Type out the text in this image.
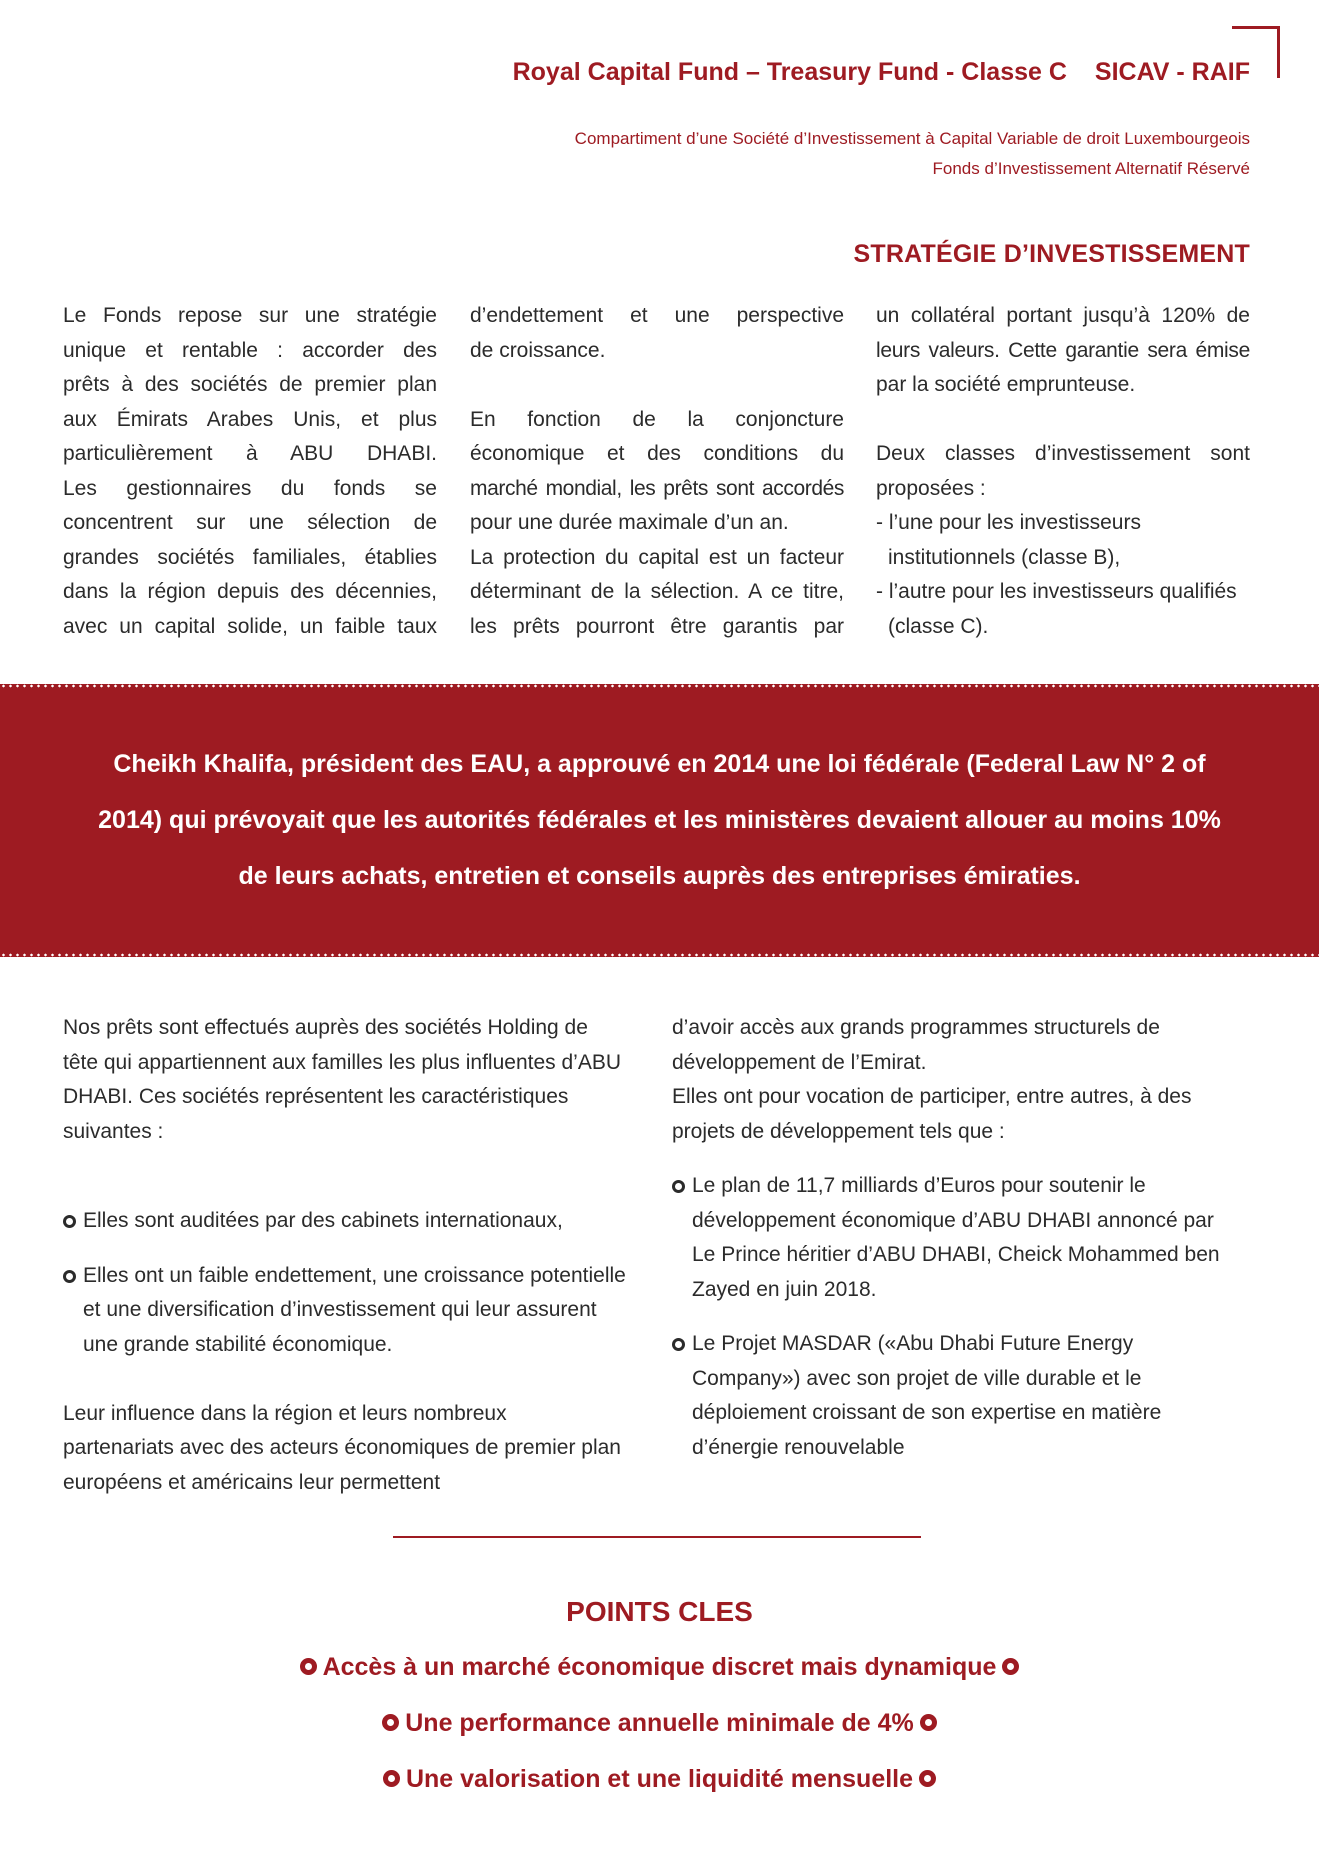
Royal Capital Fund – Treasury Fund - Classe C SICAV - RAIF
Compartiment d’une Société d’Investissement à Capital Variable de droit Luxembourgeois
Fonds d’Investissement Alternatif Réservé
STRATÉGIE D’INVESTISSEMENT

Le Fonds repose sur une stratégie

unique et rentable : accorder des

prêts à des sociétés de premier plan

aux Émirats Arabes Unis, et plus

particulièrement à ABU DHABI.

Les gestionnaires du fonds se

concentrent sur une sélection de

grandes sociétés familiales, établies

dans la région depuis des décennies,

avec un capital solide, un faible taux

d’endettement et une perspective

de croissance.

En fonction de la conjoncture

économique et des conditions du

marché mondial, les prêts sont accordés

pour une durée maximale d’un an.

La protection du capital est un facteur

déterminant de la sélection. A ce titre,

les prêts pourront être garantis par

un collatéral portant jusqu’à 120% de

leurs valeurs. Cette garantie sera émise

par la société emprunteuse.

Deux classes d’investissement sont

proposées :

- l’une pour les investisseurs institutionnels (classe B),

- l’autre pour les investisseurs qualifiés (classe C).

Cheikh Khalifa, président des EAU, a approuvé en 2014 une loi fédérale (Federal Law N° 2 of
2014) qui prévoyait que les autorités fédérales et les ministères devaient allouer au moins 10%
de leurs achats, entretien et conseils auprès des entreprises émiraties.

Nos prêts sont effectués auprès des sociétés Holding de tête qui appartiennent aux familles les plus influentes d’ABU DHABI. Ces sociétés représentent les caractéristiques suivantes :

Elles sont auditées par des cabinets internationaux,
Elles ont un faible endettement, une croissance potentielle et une diversification d’investissement qui leur assurent une grande stabilité économique.

Leur influence dans la région et leurs nombreux partenariats avec des acteurs économiques de premier plan européens et américains leur permettent

d’avoir accès aux grands programmes structurels de développement de l’Emirat.

Elles ont pour vocation de participer, entre autres, à des projets de développement tels que :

Le plan de 11,7 milliards d’Euros pour soutenir le développement économique d’ABU DHABI annoncé par Le Prince héritier d’ABU DHABI, Cheick Mohammed ben Zayed en juin 2018.
Le Projet MASDAR («Abu Dhabi Future Energy Company») avec son projet de ville durable et le déploiement croissant de son expertise en matière d’énergie renouvelable
POINTS CLES
Accès à un marché économique discret mais dynamique
Une performance annuelle minimale de 4%
Une valorisation et une liquidité mensuelle
